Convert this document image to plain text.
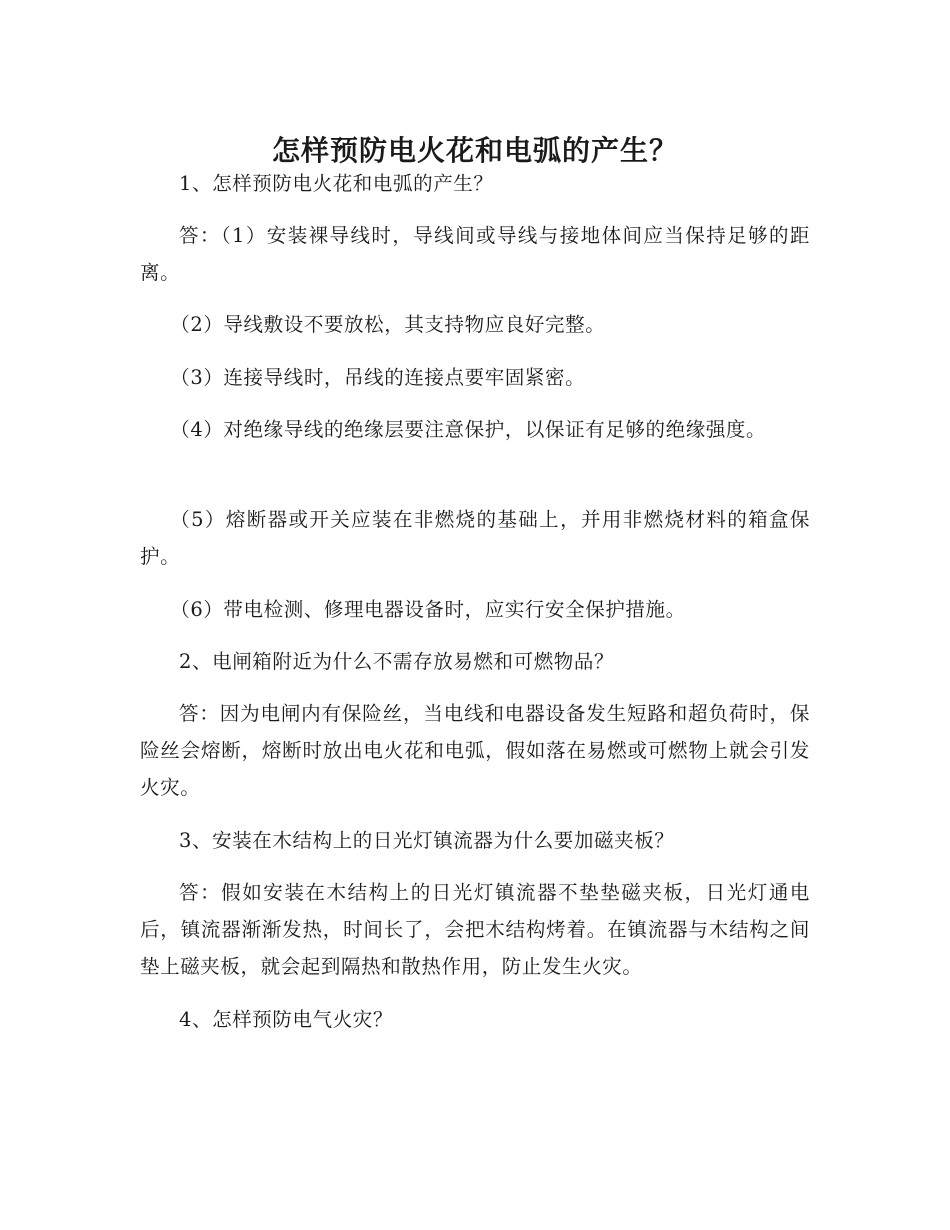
怎样预防电火花和电弧的产生？

1、怎样预防电火花和电弧的产生？

答：（1）安装裸导线时，导线间或导线与接地体间应当保持足够的距离。

（2）导线敷设不要放松，其支持物应良好完整。

（3）连接导线时，吊线的连接点要牢固紧密。

（4）对绝缘导线的绝缘层要注意保护，以保证有足够的绝缘强度。

（5）熔断器或开关应装在非燃烧的基础上，并用非燃烧材料的箱盒保护。

（6）带电检测、修理电器设备时，应实行安全保护措施。

2、电闸箱附近为什么不需存放易燃和可燃物品？

答：因为电闸内有保险丝，当电线和电器设备发生短路和超负荷时，保险丝会熔断，熔断时放出电火花和电弧，假如落在易燃或可燃物上就会引发火灾。

3、安装在木结构上的日光灯镇流器为什么要加磁夹板？

答：假如安装在木结构上的日光灯镇流器不垫垫磁夹板，日光灯通电后，镇流器渐渐发热，时间长了，会把木结构烤着。在镇流器与木结构之间垫上磁夹板，就会起到隔热和散热作用，防止发生火灾。

4、怎样预防电气火灾？
